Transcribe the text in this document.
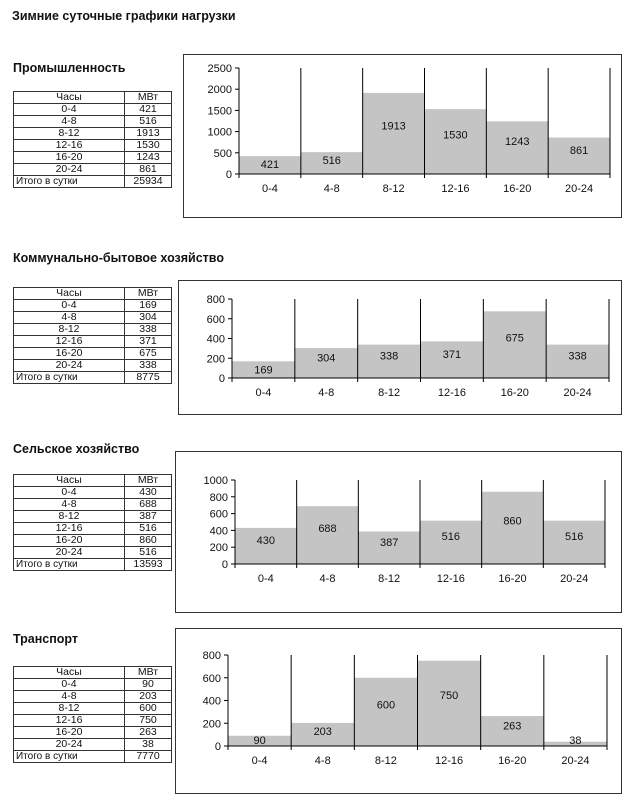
Зимние суточные графики нагрузки
Промышленность
Часы	МВт
0-4	421
4-8	516
8-12	1913
12-16	1530
16-20	1243
20-24	861
Итого в сутки	25934	0
500
1000
1500
2000
2500
0-4	4-8	8-12	12-16	16-20	20-24
421	516
1913
1530
1243
861
Коммунально-бытовое хозяйство
Часы	МВт
0-4	169
4-8	304
8-12	338
12-16	371
16-20	675
20-24	338
Итого в сутки	8775	0
200
400
600
800
0-4	4-8	8-12	12-16	16-20	20-24
169
304	338	371
675
338
Сельское хозяйство
Часы	МВт
0-4	430
4-8	688
8-12	387
12-16	516
16-20	860
20-24	516
Итого в сутки	13593	0
200
400
600
800
1000
0-4	4-8	8-12	12-16	16-20	20-24
430
688
387	516
860
516
Транспорт
Часы	МВт
0-4	90
4-8	203
8-12	600
12-16	750
16-20	263
20-24	38
Итого в сутки	7770
0
200
400
600
800
0-4	4-8	8-12	12-16	16-20	20-24
90
203
600
750
263
38
